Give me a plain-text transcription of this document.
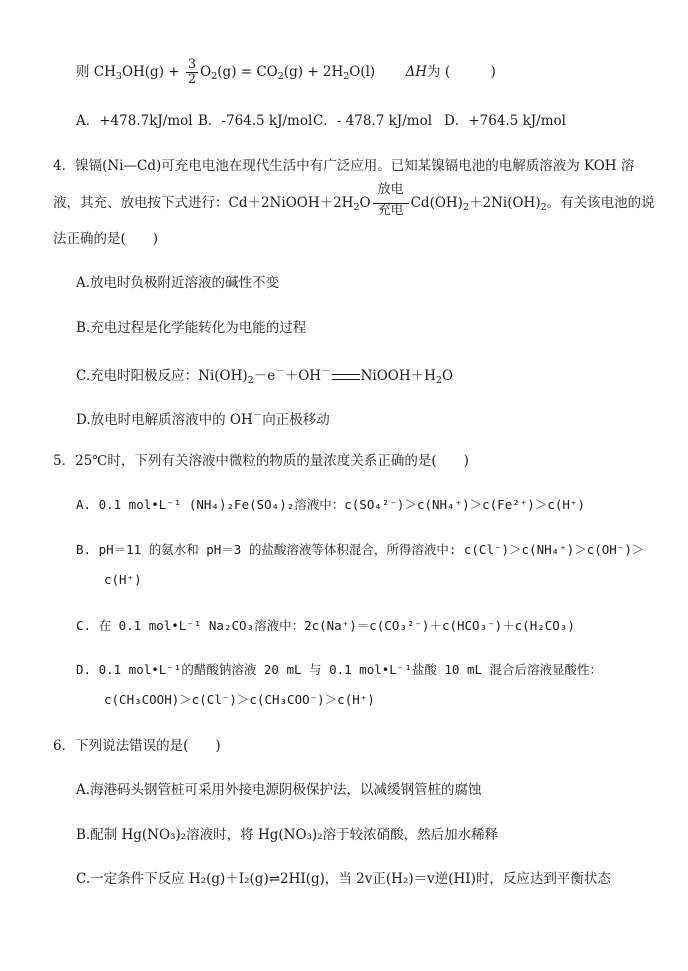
则 $CH_3OH(g) + \frac{3}{2} O_2(g) = CO_2(g) + 2H_2O(l)$ ΔH为 (　　　)
A．+478.7kJ/mol B．-764.5 kJ/mol C．- 478.7 kJ/mol D．+764.5 kJ/mol
4．镍镉(Ni—Cd)可充电电池在现代生活中有广泛应用。已知某镍镉电池的电解质溶液为 KOH 溶
液，其充、放电按下式进行：$Cd+2NiOOH+2H_2O$
放电
充电 $Cd(OH)_2+2Ni(OH)_2$。有关该电池的说
法正确的是(　　)
A.放电时负极附近溶液的碱性不变
B.充电过程是化学能转化为电能的过程
C.充电时阳极反应：$Ni(OH)_2-e^-+OH^-$ $NiOOH+H_2O$
D.放电时电解质溶液中的 OH－向正极移动
5．25℃时，下列有关溶液中微粒的物质的量浓度关系正确的是(　　)
A. 0.1 mol•L⁻¹ (NH₄)₂Fe(SO₄)₂溶液中：c(SO₄²⁻)＞c(NH₄⁺)＞c(Fe²⁺)＞c(H⁺)
B. pH＝11 的氨水和 pH＝3 的盐酸溶液等体积混合，所得溶液中: c(Cl⁻)＞c(NH₄⁺)＞c(OH⁻)＞
c(H⁺)
C. 在 0.1 mol•L⁻¹ Na₂CO₃溶液中：2c(Na⁺)＝c(CO₃²⁻)＋c(HCO₃⁻)＋c(H₂CO₃)
D. 0.1 mol•L⁻¹的醋酸钠溶液 20 mL 与 0.1 mol•L⁻¹盐酸 10 mL 混合后溶液显酸性：
c(CH₃COOH)＞c(Cl⁻)＞c(CH₃COO⁻)＞c(H⁺)
6．下列说法错误的是(　　)
A.海港码头钢管桩可采用外接电源阴极保护法，以减缓钢管桩的腐蚀
B.配制 Hg(NO₃)₂溶液时，将 Hg(NO₃)₂溶于较浓硝酸，然后加水稀释
C.一定条件下反应 H₂(g)＋I₂(g)⇌2HI(g)，当 2v正(H₂)＝v逆(HI)时，反应达到平衡状态
